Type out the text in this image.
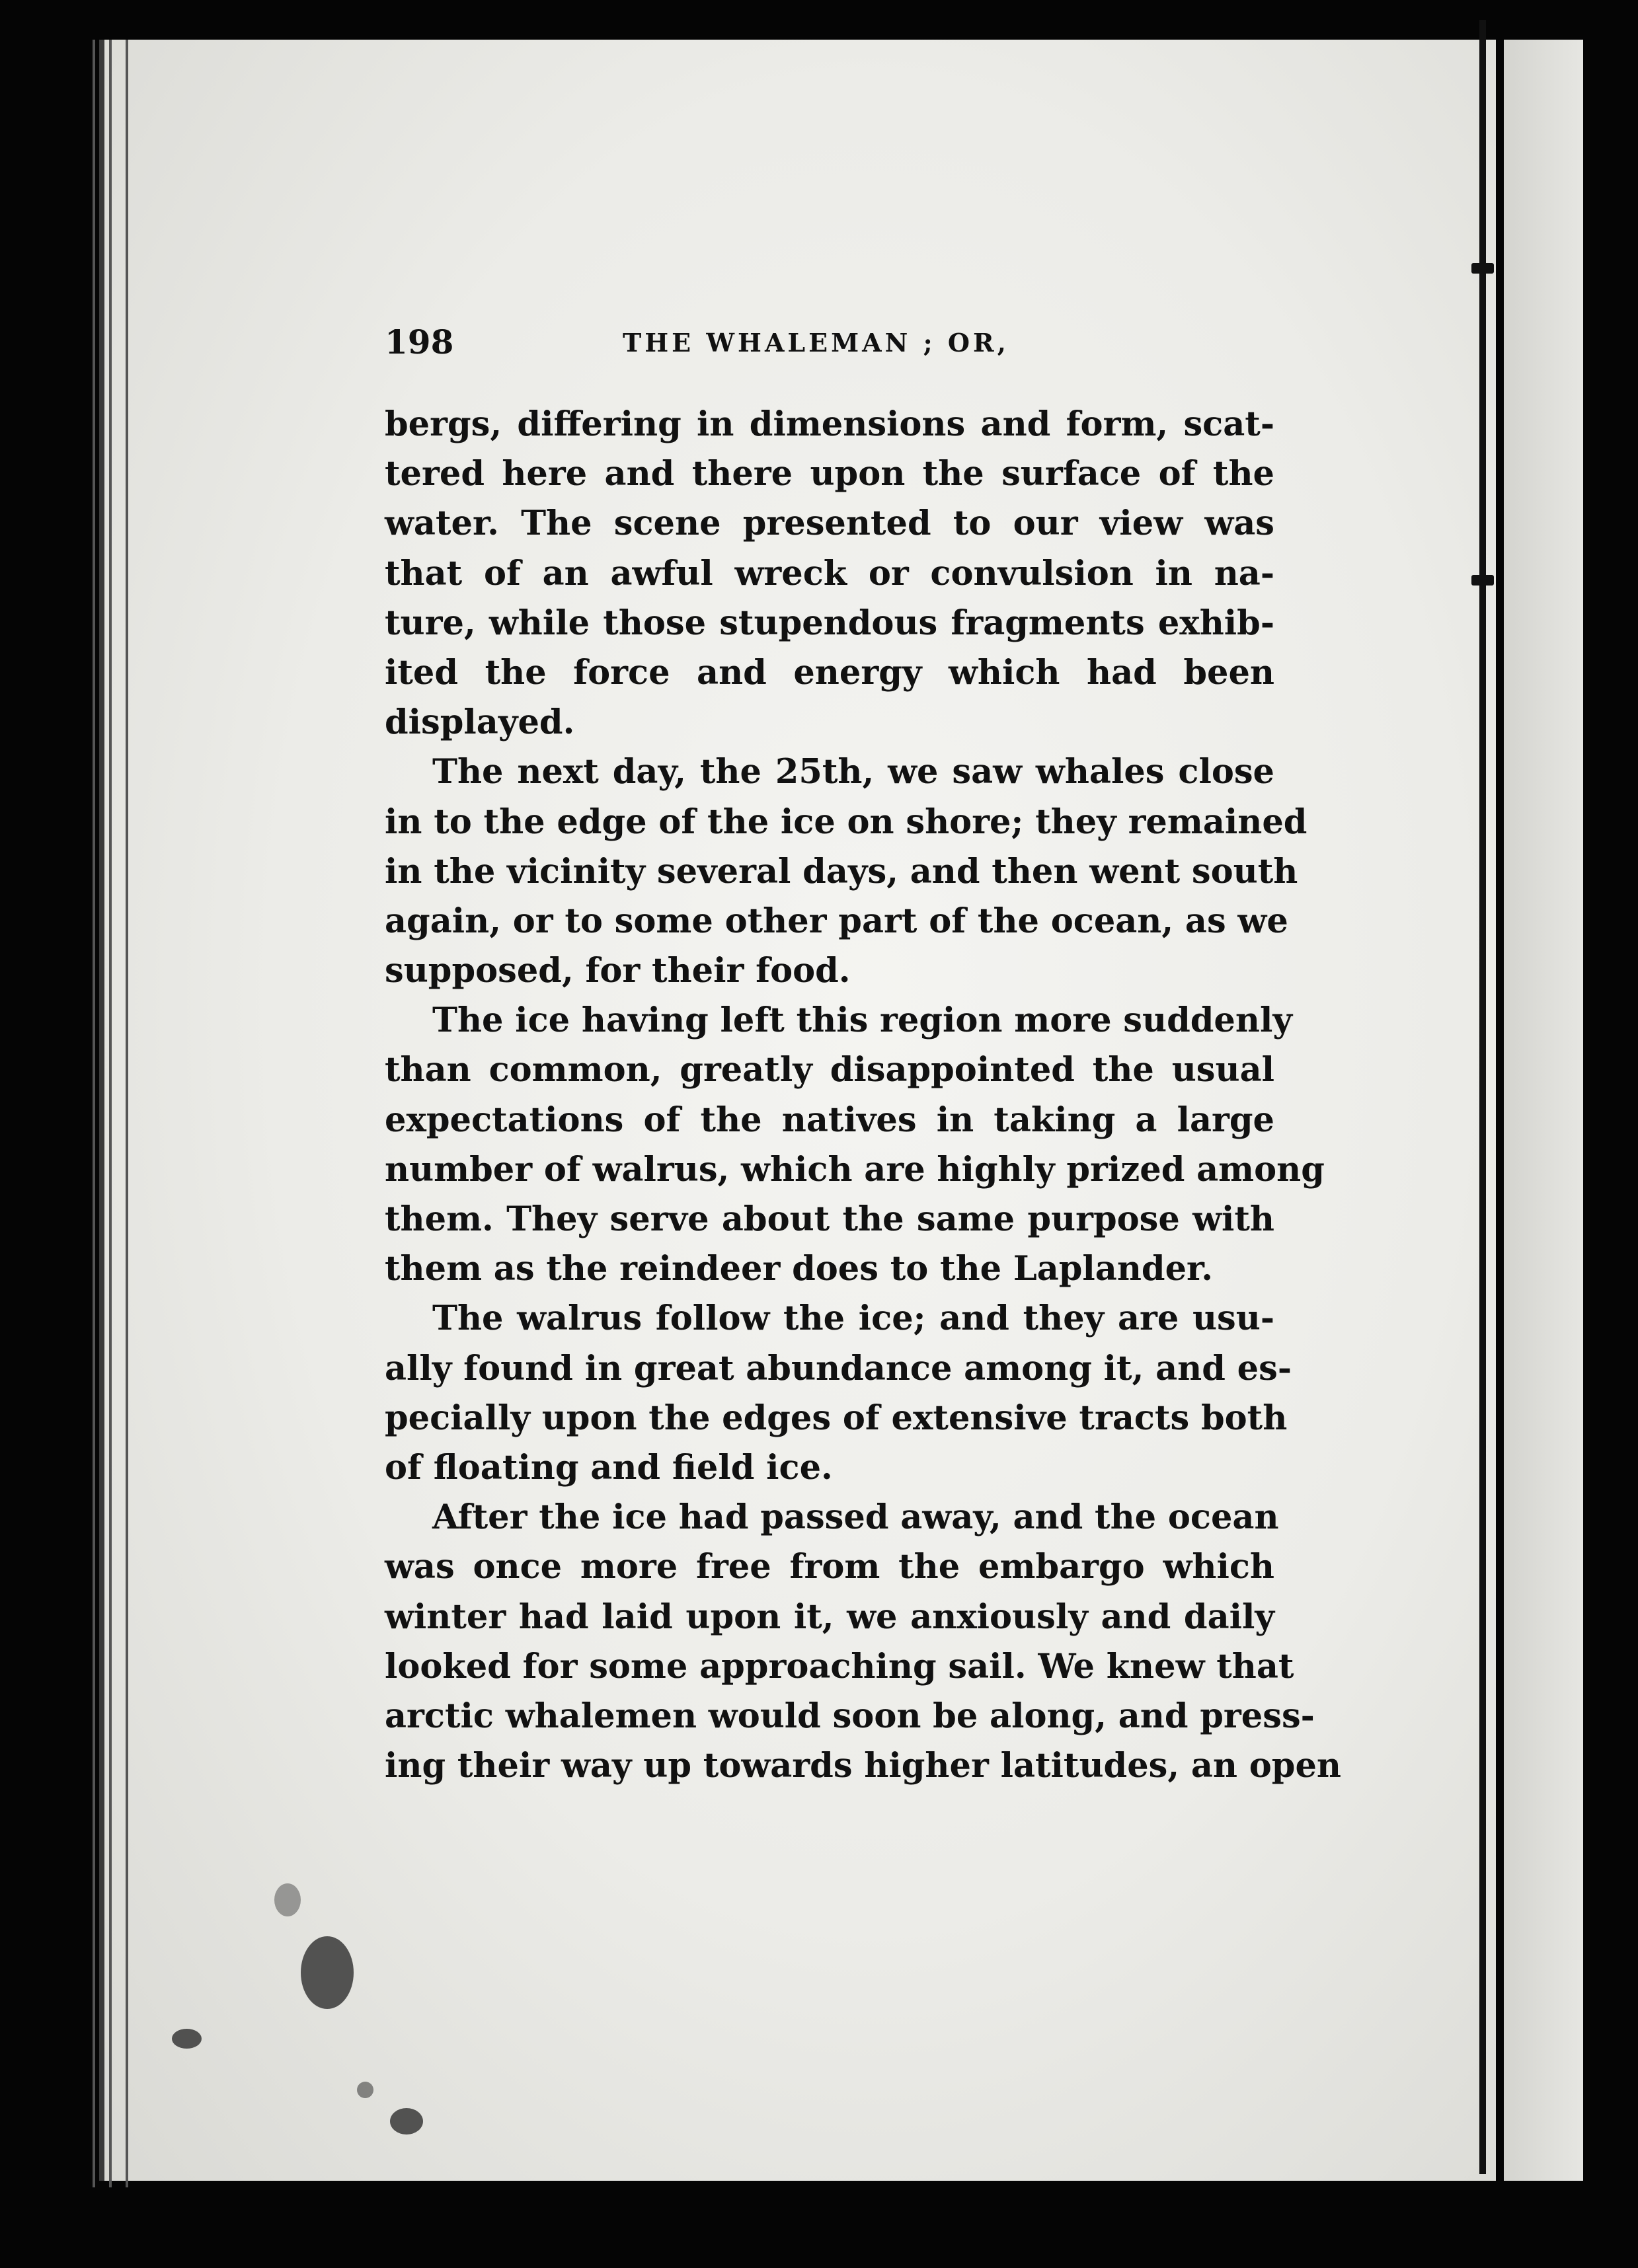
198	THE WHALEMAN ; OR,
bergs, differing in dimensions and form, scat-
tered here and there upon the surface of the
water. The scene presented to our view was
that of an awful wreck or convulsion in na-
ture, while those stupendous fragments exhib-
ited the force and energy which had been
displayed.
The next day, the 25th, we saw whales close
in to the edge of the ice on shore; they remained
in the vicinity several days, and then went south
again, or to some other part of the ocean, as we
supposed, for their food.
The ice having left this region more suddenly
than common, greatly disappointed the usual
expectations of the natives in taking a large
number of walrus, which are highly prized among
them. They serve about the same purpose with
them as the reindeer does to the Laplander.
The walrus follow the ice; and they are usu-
ally found in great abundance among it, and es-
pecially upon the edges of extensive tracts both
of floating and field ice.
After the ice had passed away, and the ocean
was once more free from the embargo which
winter had laid upon it, we anxiously and daily
looked for some approaching sail. We knew that
arctic whalemen would soon be along, and press-
ing their way up towards higher latitudes, an open
